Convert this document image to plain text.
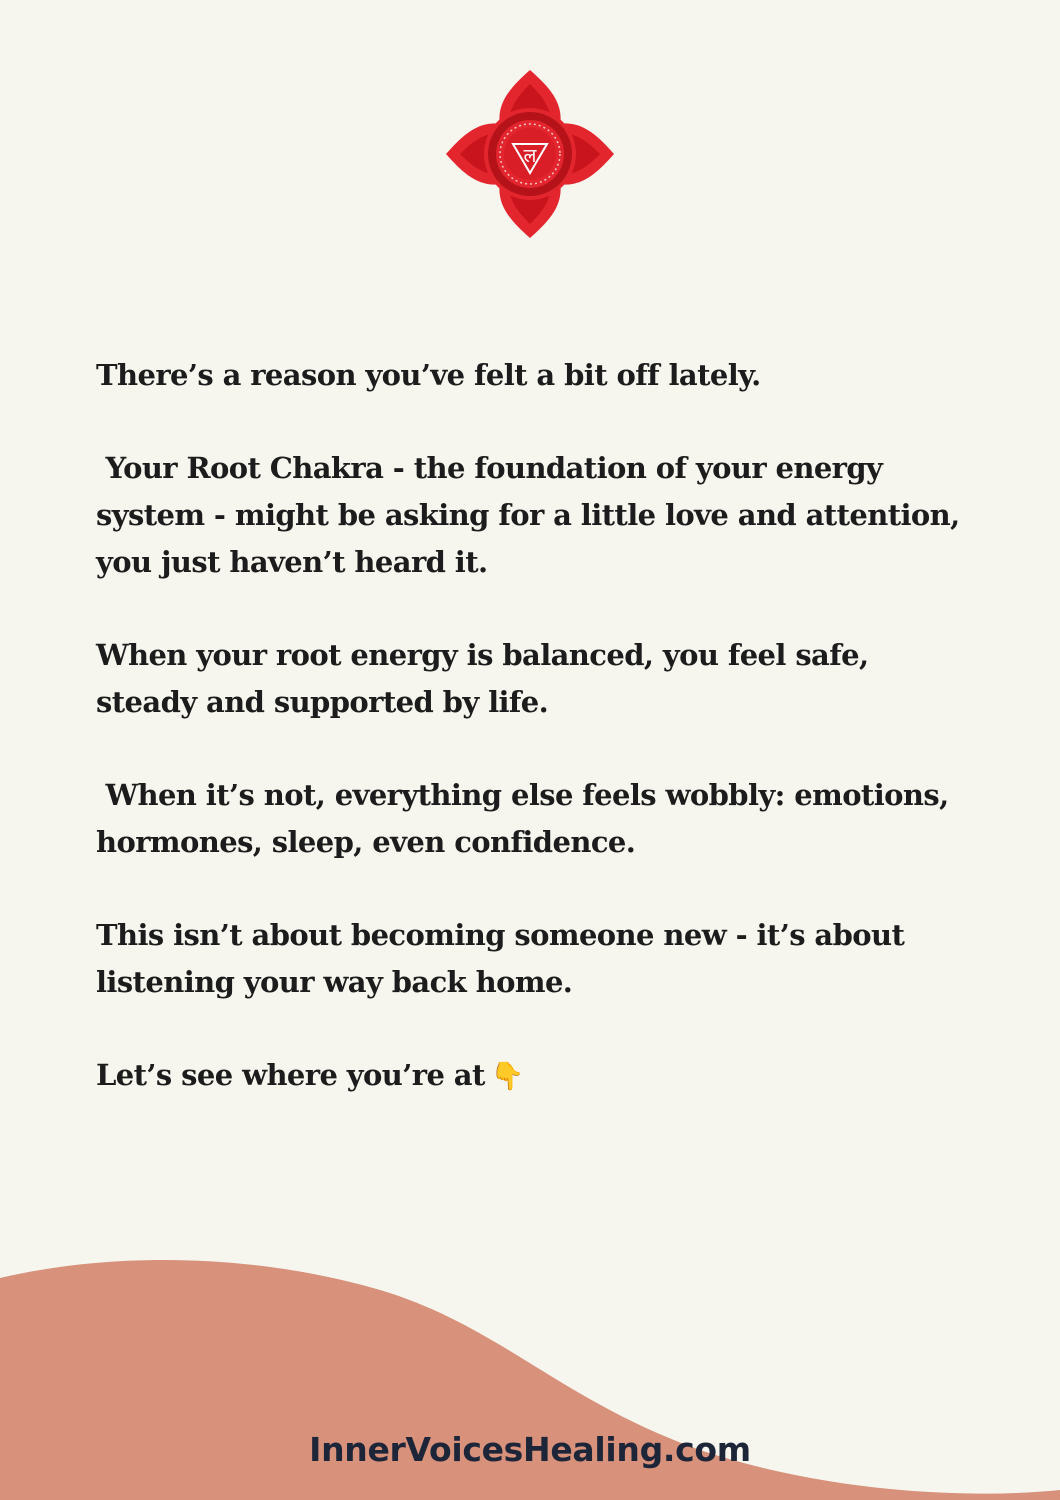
ल

There’s a reason you’ve felt a bit off lately.

Your Root Chakra - the foundation of your energy system - might be asking for a little love and attention, you just haven’t heard it.

When your root energy is balanced, you feel safe, steady and supported by life.

When it’s not, everything else feels wobbly: emotions, hormones, sleep, even confidence.

This isn’t about becoming someone new - it’s about listening your way back home.

Let’s see where you’re at 👇

InnerVoicesHealing.com
